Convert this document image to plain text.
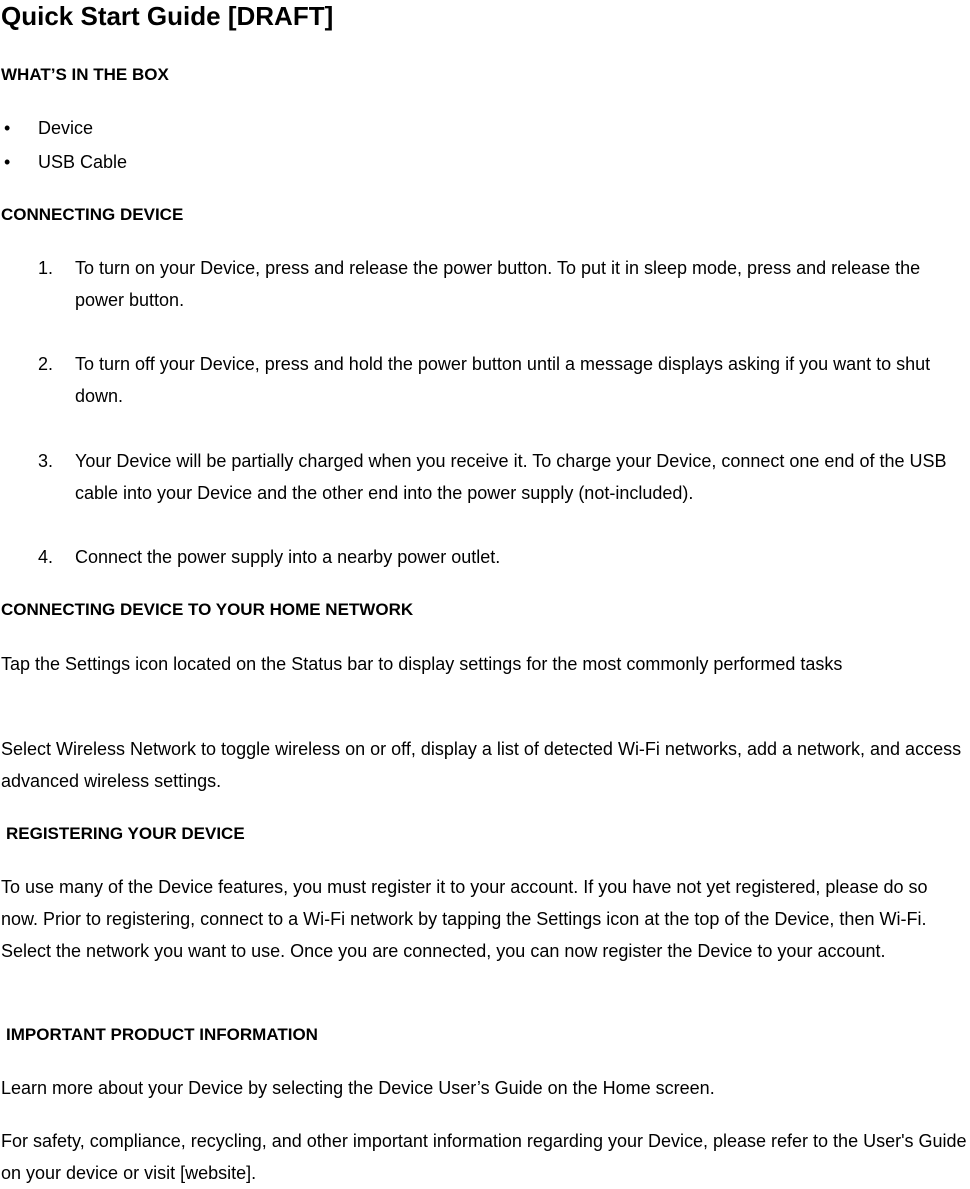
Quick Start Guide [DRAFT]
WHAT’S IN THE BOX
• Device
• USB Cable
CONNECTING DEVICE
1. To turn on your Device, press and release the power button. To put it in sleep mode, press and release the power button.
2. To turn off your Device, press and hold the power button until a message displays asking if you want to shut down.
3. Your Device will be partially charged when you receive it. To charge your Device, connect one end of the USB cable into your Device and the other end into the power supply (not-included).
4. Connect the power supply into a nearby power outlet.
CONNECTING DEVICE TO YOUR HOME NETWORK
Tap the Settings icon located on the Status bar to display settings for the most commonly performed tasks
Select Wireless Network to toggle wireless on or off, display a list of detected Wi-Fi networks, add a network, and access advanced wireless settings.
REGISTERING YOUR DEVICE
To use many of the Device features, you must register it to your account. If you have not yet registered, please do so now. Prior to registering, connect to a Wi-Fi network by tapping the Settings icon at the top of the Device, then Wi-Fi. Select the network you want to use. Once you are connected, you can now register the Device to your account.
IMPORTANT PRODUCT INFORMATION
Learn more about your Device by selecting the Device User’s Guide on the Home screen.
For safety, compliance, recycling, and other important information regarding your Device, please refer to the User's Guide on your device or visit [website].
